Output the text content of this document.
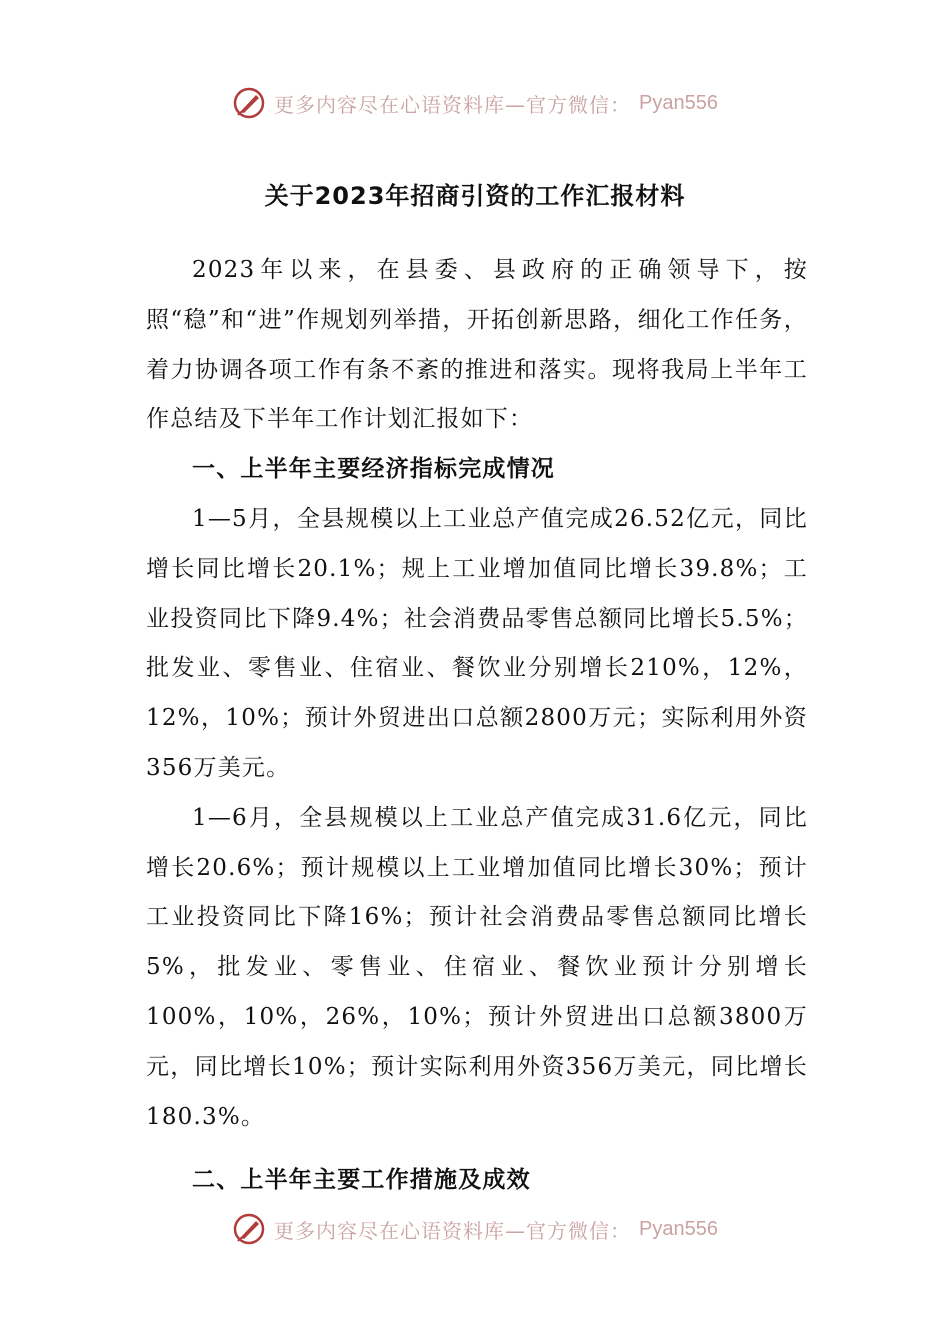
更多内容尽在心语资料库—官方微信： Pyan556
关于2023年招商引资的工作汇报材料

2023年以来，在县委、县政府的正确领导下，按照“稳”和“进”作规划列举措，开拓创新思路，细化工作任务，着力协调各项工作有条不紊的推进和落实。现将我局上半年工作总结及下半年工作计划汇报如下：

一、上半年主要经济指标完成情况

1—5月，全县规模以上工业总产值完成26.52亿元，同比增长同比增长20.1%；规上工业增加值同比增长39.8%；工业投资同比下降9.4%；社会消费品零售总额同比增长5.5%；批发业、零售业、住宿业、餐饮业分别增长210%，12%，12%，10%；预计外贸进出口总额2800万元；实际利用外资356万美元。

1—6月，全县规模以上工业总产值完成31.6亿元，同比增长20.6%；预计规模以上工业增加值同比增长30%；预计工业投资同比下降16%；预计社会消费品零售总额同比增长5%，批发业、零售业、住宿业、餐饮业预计分别增长100%，10%，26%，10%；预计外贸进出口总额3800万元，同比增长10%；预计实际利用外资356万美元，同比增长180.3%。

二、上半年主要工作措施及成效

更多内容尽在心语资料库—官方微信： Pyan556
